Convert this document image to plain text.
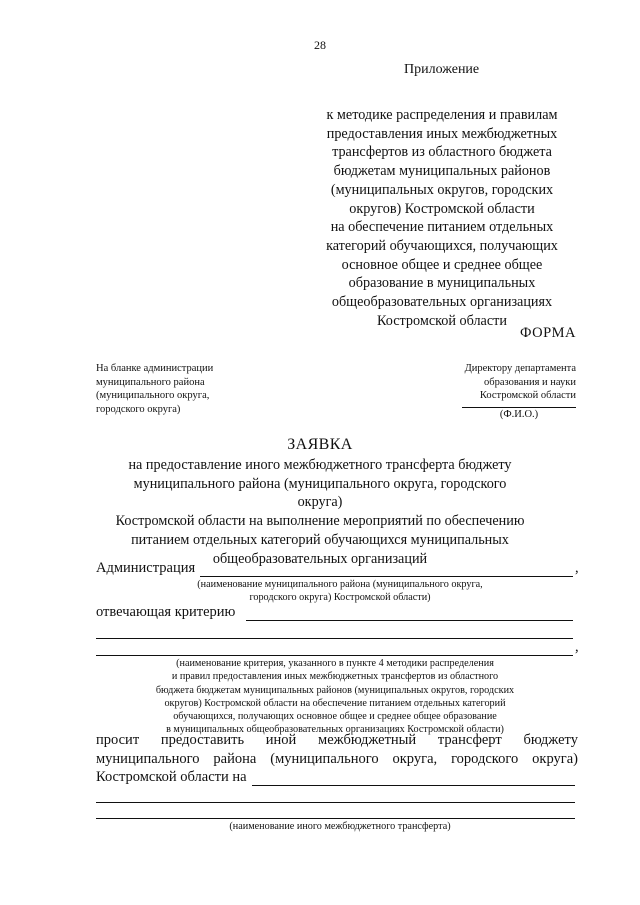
28
Приложение
к методике распределения и правилам
предоставления иных межбюджетных
трансфертов из областного бюджета
бюджетам муниципальных районов
(муниципальных округов, городских
округов) Костромской области
на обеспечение питанием отдельных
категорий обучающихся, получающих
основное общее и среднее общее
образование в муниципальных
общеобразовательных организациях
Костромской области
ФОРМА
На бланке администрации
муниципального района
(муниципального округа,
городского округа)
Директору департамента
образования и науки
Костромской области
(Ф.И.О.)
ЗАЯВКА
на предоставление иного межбюджетного трансферта бюджету
муниципального района (муниципального округа, городского округа)
Костромской области на выполнение мероприятий по обеспечению
питанием отдельных категорий обучающихся муниципальных
общеобразовательных организаций
Администрация	,
(наименование муниципального района (муниципального округа,
городского округа) Костромской области)
отвечающая критерию
,
(наименование критерия, указанного в пункте 4 методики распределения
и правил предоставления иных межбюджетных трансфертов из областного
бюджета бюджетам муниципальных районов (муниципальных округов, городских
округов) Костромской области на обеспечение питанием отдельных категорий
обучающихся, получающих основное общее и среднее общее образование
в муниципальных общеобразовательных организациях Костромской области)
просит предоставить иной межбюджетный трансферт бюджету
муниципального района (муниципального округа, городского округа)
Костромской области на
(наименование иного межбюджетного трансферта)
